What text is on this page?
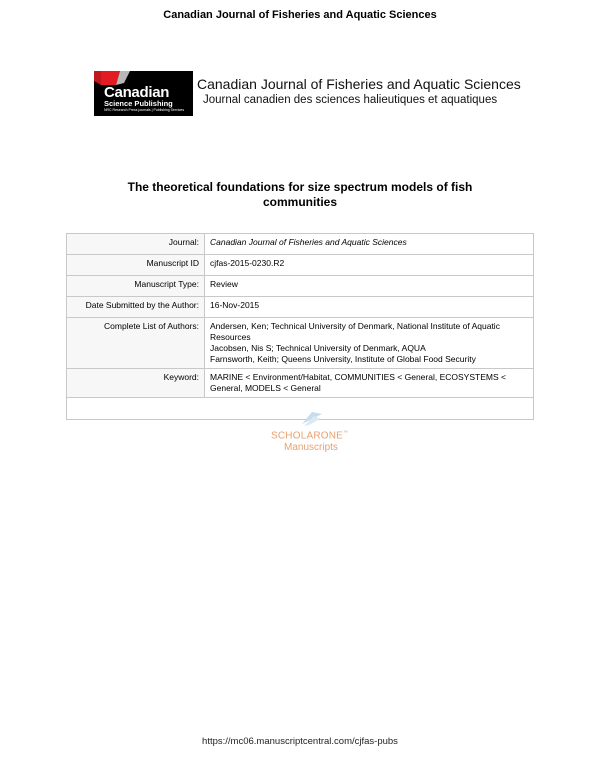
Canadian Journal of Fisheries and Aquatic Sciences
Canadian
Science Publishing
NRC Research Press journals | Publishing Services
Canadian Journal of Fisheries and Aquatic Sciences
Journal canadien des sciences halieutiques et aquatiques
The theoretical foundations for size spectrum models of fish communities
Journal:	Canadian Journal of Fisheries and Aquatic Sciences
Manuscript ID	cjfas-2015-0230.R2
Manuscript Type:	Review
Date Submitted by the Author:	16-Nov-2015
Complete List of Authors:	Andersen, Ken; Technical University of Denmark, National Institute of Aquatic Resources
Jacobsen, Nis S; Technical University of Denmark, AQUA
Farnsworth, Keith; Queens University, Institute of Global Food Security

Keyword:	MARINE < Environment/Habitat, COMMUNITIES < General, ECOSYSTEMS < General, MODELS < General

SCHOLARONE™
Manuscripts
https://mc06.manuscriptcentral.com/cjfas-pubs
